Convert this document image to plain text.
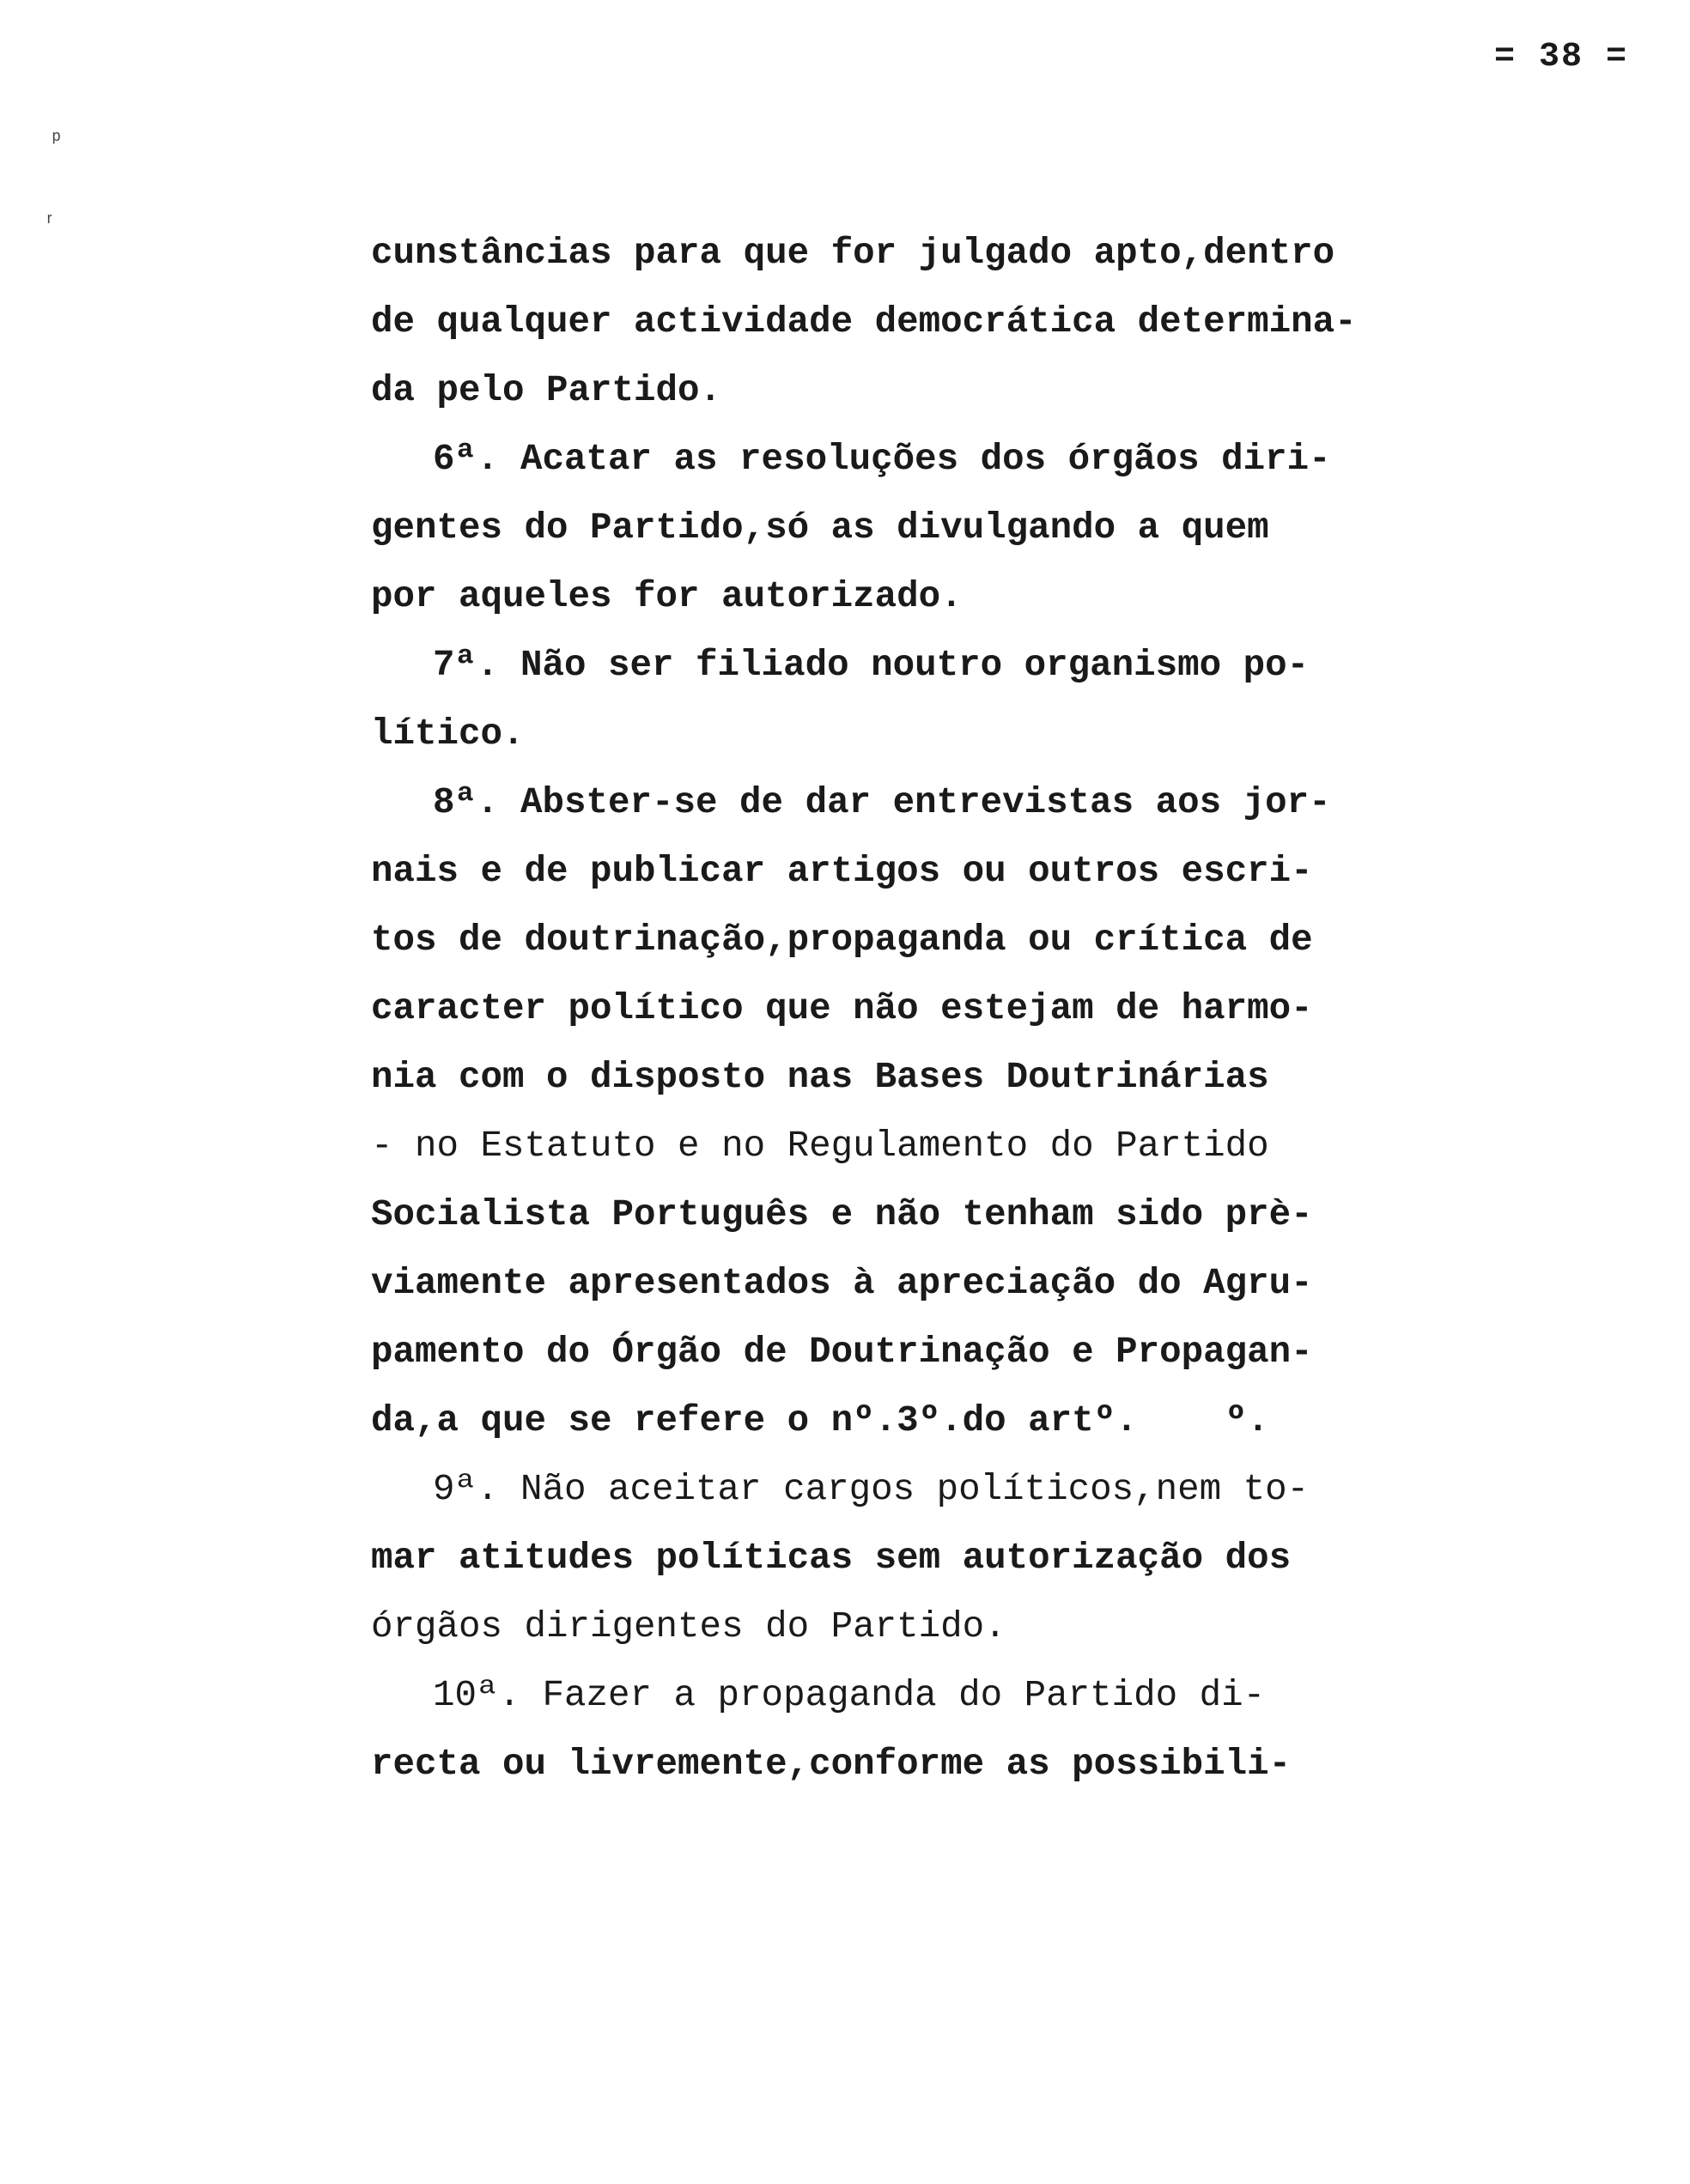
= 38 =
ᵖ
ʳ
cunstâncias para que for julgado apto,dentro
de qualquer actividade democrática determina-
da pelo Partido.
6ª. Acatar as resoluções dos órgãos diri-
gentes do Partido,só as divulgando a quem
por aqueles for autorizado.
7ª. Não ser filiado noutro organismo po-
lítico.
8ª. Abster-se de dar entrevistas aos jor-
nais e de publicar artigos ou outros escri-
tos de doutrinação,propaganda ou crítica de
caracter político que não estejam de harmo-
nia com o disposto nas Bases Doutrinárias
- no Estatuto e no Regulamento do Partido
Socialista Português e não tenham sido prè-
viamente apresentados à apreciação do Agru-
pamento do Órgão de Doutrinação e Propagan-
da,a que se refere o nº.3º.do artº.    º.
9ª. Não aceitar cargos políticos,nem to-
mar atitudes políticas sem autorização dos
órgãos dirigentes do Partido.
10ª. Fazer a propaganda do Partido di-
recta ou livremente,conforme as possibili-
